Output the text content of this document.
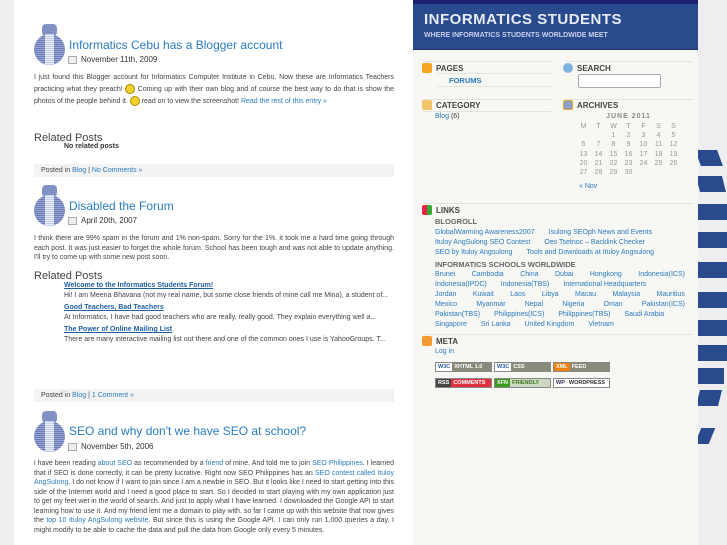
Informatics Cebu has a Blogger account
November 11th, 2009
I just found this Blogger account for Informatics Computer Institute in Cebu. Now these are Informatics Teachers practicing what they preach! Coming up with their own blog and of course the best way to do that is show the photos of the people behind it. read on to view the screenshot! Read the rest of this entry »
Related Posts
No related posts
Posted in Blog | No Comments »
Disabled the Forum
April 20th, 2007
I think there are 99% spam in the forum and 1% non-spam. Sorry for the 1%. it took me a hard time going through each post. It was just easier to forget the whole forum. School has been tough and was not able to update anything. I'll try to come up with some new post soon.
Related Posts
Welcome to the Informatics Students Forum!
Hi! I am Meena Bhavana (not my real name, but some close friends of mine call me Mina), a student of...
Good Teachers, Bad Teachers
At Informatics, I have had good teachers who are really, really good. They explain everything well a...
The Power of Online Mailing List
There are many interactive mailing list out there and one of the common ones I use is YahooGroups. T...
Posted in Blog | 1 Comment »
SEO and why don't we have SEO at school?
November 5th, 2006
i have been reading about SEO as recommended by a friend of mine. And told me to join SEO Philippines. I learned that if SEO is done correctly, it can be pretty lucrative. Right now SEO Philippines has an SEO contest called Ituloy AngSulong. I do not know if I want to join since I am a newbie in SEO. But it looks like I need to start getting into this side of the Internet world and I need a good place to start. So I decided to start playing with my own application just to get my feet wet in the world of search. And just to apply what I have learned. I downloaded the Google API to start learning how to use it. And my friend lent me a domain to play with. so far I came up with this website that now gives the top 10 Ituloy AngSulong website. But since this is using the Google API. I can only run 1,000 queries a day. I might modify to be able to cache the data and pull the data from Google only every 5 minutes.
INFORMATICS STUDENTS
WHERE INFORMATICS STUDENTS WORLDWIDE MEET
PAGES
FORUMS
SEARCH
CATEGORY
Blog (6)
ARCHIVES
JUNE 2011
M	T	W	T	F	S	S
		1	2	3	4	5
6	7	8	9	10	11	12
13	14	15	16	17	18	19
20	21	22	23	24	25	26
27	28	29	30			
« Nov
LINKS
BLOGROLL
GlobalWarming Awareness2007 Isulong SEOph News and Events
Ituloy AngSulong SEO Contest Oes Tsetnoc – Backlink Checker
SEO by Ituloy Angsulong Tools and Downloads at Ituloy Angsulong
INFORMATICS SCHOOLS WORLDWIDE
Brunei Cambodia China Dubai Hongkong Indonesia(ICS)
Indonesia(IPDC) Indonesia(TBS) International Headquarters
Jordan Kuwait Laos Libya Macau Malaysia Mauritius
Mexico	Myanmar	Nepal	Nigeria	Oman	Pakistan(ICS)
Pakistan(TBS) Philippines(ICS) Philippines(TBS) Saudi Arabia
Singapore Sri Lanka United Kingdom Vietnam
META
Log in
W3C XHTML 1.0	W3C CSS	XML FEED
RSS COMMENTS	XFN FRIENDLY	WP WORDPRESS
